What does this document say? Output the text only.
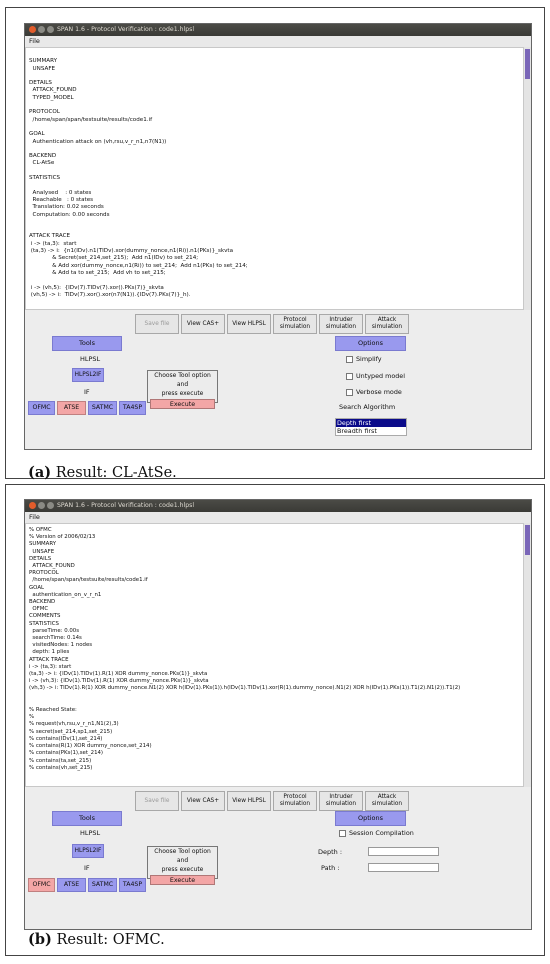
SPAN 1.6 - Protocol Verification : code1.hlpsl
File

SUMMARY
UNSAFE

DETAILS
ATTACK_FOUND
TYPED_MODEL

PROTOCOL
/home/span/span/testsuite/results/code1.if

GOAL
Authentication attack on (vh,rsu,v_r_n1,n7(N1))

BACKEND
CL-AtSe

STATISTICS

Analysed    : 0 states
Reachable   : 0 states
Translation: 0.02 seconds
Computation: 0.00 seconds

ATTACK TRACE
i -> (ta,3):  start
(ta,3) -> i:  {n1(IDv).n1(TIDv).xor(dummy_nonce,n1(Ri)).n1(PKs)}_skvta
& Secret(set_214,set_215);  Add n1(IDv) to set_214;
& Add xor(dummy_nonce,n1(Ri)) to set_214;  Add n1(PKs) to set_214;
& Add ta to set_215;  Add vh to set_215;

i -> (vh,5):  {IDv(7).TIDv(7).xor().PKs(7)}_skvta
(vh,5) -> i:  TIDv(7).xor().xor(n7(N1)).{IDv(7).PKs(7)}_h).
Save file	View CAS+	View HLPSL
Protocol simulation
Intruder simulation
Attack simulation
Tools
HLPSL
HLPSL2IF
IF
Choose Tool option and
press execute
Execute
OFMC	ATSE	SATMC	TA4SP
Options
Simplify
Untyped model
Verbose mode
Search Algorithm
Depth first
Breadth first
(a) Result: CL-AtSe.
SPAN 1.6 - Protocol Verification : code1.hlpsl
File
% OFMC
% Version of 2006/02/13
SUMMARY
UNSAFE
DETAILS
ATTACK_FOUND
PROTOCOL
/home/span/span/testsuite/results/code1.if
GOAL
authentication_on_v_r_n1
BACKEND
OFMC
COMMENTS
STATISTICS
parseTime: 0.00s
searchTime: 0.14s
visitedNodes: 1 nodes
depth: 1 plies
ATTACK TRACE
i -> (ta,3): start
(ta,3) -> i: {IDv(1).TIDv(1).R(1) XOR dummy_nonce.PKs(1)}_skvta
i -> (vh,3): {IDv(1).TIDv(1).R(1) XOR dummy_nonce.PKs(1)}_skvta
(vh,3) -> i: TIDv(1).R(1) XOR dummy_nonce.N1(2) XOR h(IDv(1).PKs(1)).h(IDv(1).TIDv(1).xor(R(1).dummy_nonce).N1(2) XOR h(IDv(1).PKs(1)).T1(2).N1(2)).T1(2)

% Reached State:
%
% request(vh,rsu,v_r_n1,N1(2),3)
% secret(set_214,sp1,set_215)
% contains(IDv(1),set_214)
% contains(R(1) XOR dummy_nonce,set_214)
% contains(PKs(1),set_214)
% contains(ta,set_215)
% contains(vh,set_215)
Save file	View CAS+	View HLPSL
Protocol simulation
Intruder simulation
Attack simulation
Tools
HLPSL
HLPSL2IF
IF
Choose Tool option and
press execute
Execute
OFMC	ATSE	SATMC	TA4SP
Options
Session Compilation
Depth :
Path :
(b) Result: OFMC.
